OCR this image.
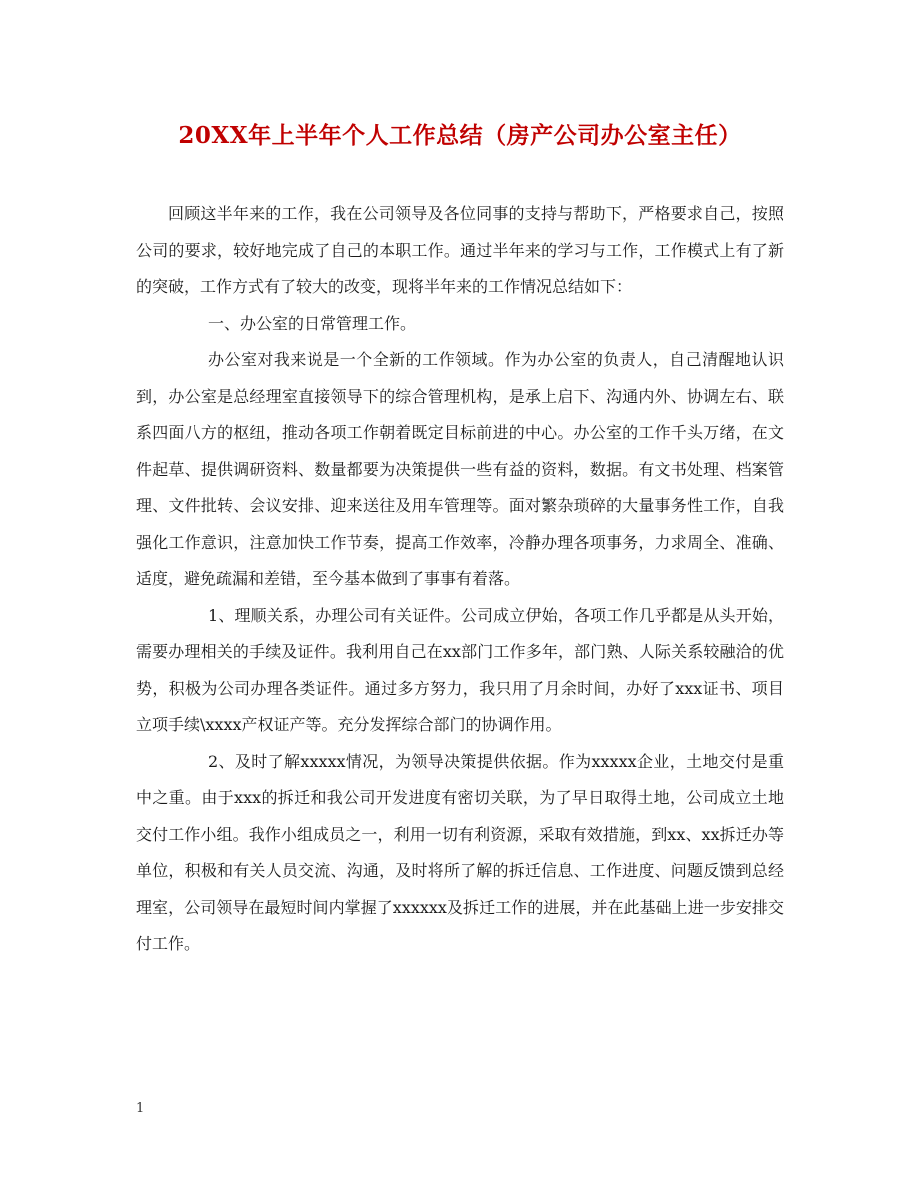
20XX年上半年个人工作总结（房产公司办公室主任）

回顾这半年来的工作，我在公司领导及各位同事的支持与帮助下，严格要求自己，按照公司的要求，较好地完成了自己的本职工作。通过半年来的学习与工作，工作模式上有了新的突破，工作方式有了较大的改变，现将半年来的工作情况总结如下：

一、办公室的日常管理工作。

办公室对我来说是一个全新的工作领域。作为办公室的负责人，自己清醒地认识到，办公室是总经理室直接领导下的综合管理机构，是承上启下、沟通内外、协调左右、联系四面八方的枢纽，推动各项工作朝着既定目标前进的中心。办公室的工作千头万绪，在文件起草、提供调研资料、数量都要为决策提供一些有益的资料，数据。有文书处理、档案管理、文件批转、会议安排、迎来送往及用车管理等。面对繁杂琐碎的大量事务性工作，自我强化工作意识，注意加快工作节奏，提高工作效率，冷静办理各项事务，力求周全、准确、适度，避免疏漏和差错，至今基本做到了事事有着落。

1、理顺关系，办理公司有关证件。公司成立伊始，各项工作几乎都是从头开始，需要办理相关的手续及证件。我利用自己在xx部门工作多年，部门熟、人际关系较融洽的优势，积极为公司办理各类证件。通过多方努力，我只用了月余时间，办好了xxx证书、项目立项手续\xxxx产权证产等。充分发挥综合部门的协调作用。

2、及时了解xxxxx情况，为领导决策提供依据。作为xxxxx企业，土地交付是重中之重。由于xxx的拆迁和我公司开发进度有密切关联，为了早日取得土地，公司成立土地交付工作小组。我作小组成员之一，利用一切有利资源，采取有效措施，到xx、xx拆迁办等单位，积极和有关人员交流、沟通，及时将所了解的拆迁信息、工作进度、问题反馈到总经理室，公司领导在最短时间内掌握了xxxxxx及拆迁工作的进展，并在此基础上进一步安排交付工作。

1
